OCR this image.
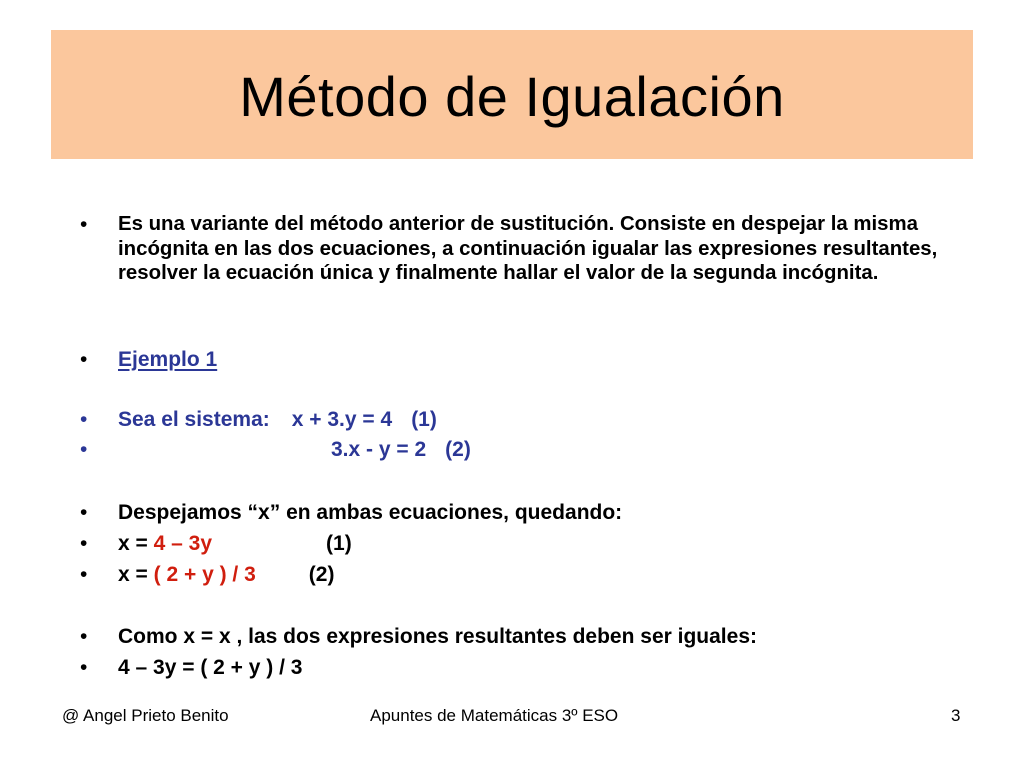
Método de Igualación
• Es una variante del método anterior de sustitución. Consiste en despejar la misma incógnita en las dos ecuaciones, a continuación igualar las expresiones resultantes, resolver la ecuación única y finalmente hallar el valor de la segunda incógnita.
• Ejemplo 1
• Sea el sistema: x + 3.y = 4 (1)
•	3.x - y = 2 (2)
• Despejamos “x” en ambas ecuaciones, quedando:
• x = 4 – 3y	(1)
• x = ( 2 + y ) / 3	(2)
• Como x = x , las dos expresiones resultantes deben ser iguales:
• 4 – 3y = ( 2 + y ) / 3
@ Angel Prieto Benito	Apuntes de Matemáticas 3º ESO	3
